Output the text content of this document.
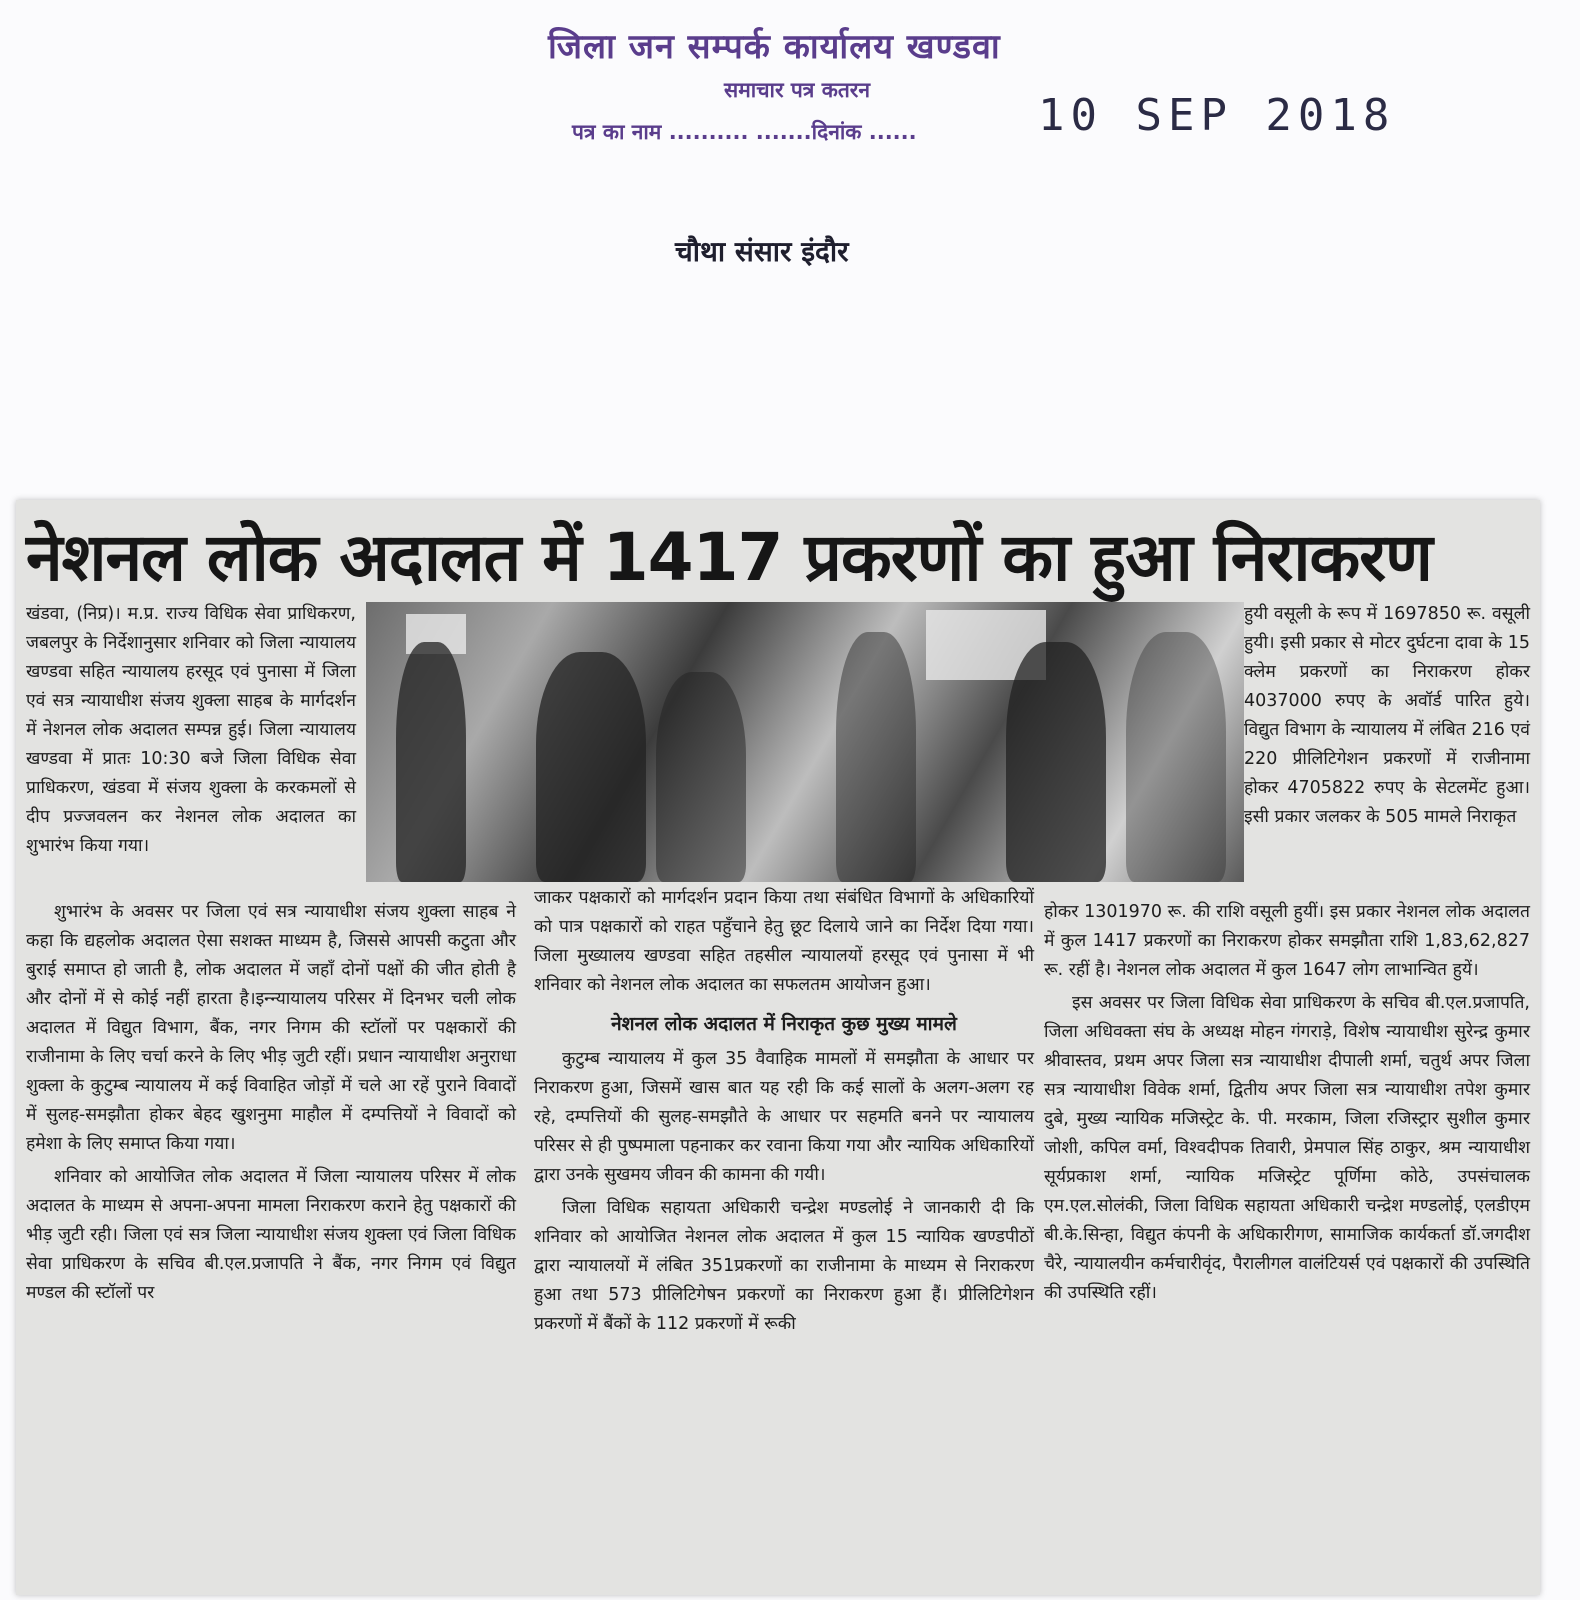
जिला जन सम्पर्क कार्यालय खण्डवा
समाचार पत्र कतरन
पत्र का नाम .......... .......दिनांक ......	10 SEP 2018
चौथा संसार इंदौर
नेशनल लोक अदालत में 1417 प्रकरणों का हुआ निराकरण

खंडवा, (निप्र)। म.प्र. राज्य विधिक सेवा प्राधिकरण, जबलपुर के निर्देशानुसार शनिवार को जिला न्यायालय खण्डवा सहित न्यायालय हरसूद एवं पुनासा में जिला एवं सत्र न्यायाधीश संजय शुक्ला साहब के मार्गदर्शन में नेशनल लोक अदालत सम्पन्न हुई। जिला न्यायालय खण्डवा में प्रातः 10:30 बजे जिला विधिक सेवा प्राधिकरण, खंडवा में संजय शुक्ला के करकमलों से दीप प्रज्जवलन कर नेशनल लोक अदालत का शुभारंभ किया गया।

शुभारंभ के अवसर पर जिला एवं सत्र न्यायाधीश संजय शुक्ला साहब ने कहा कि द्यहलोक अदालत ऐसा सशक्त माध्यम है, जिससे आपसी कटुता और बुराई समाप्त हो जाती है, लोक अदालत में जहाँ दोनों पक्षों की जीत होती है और दोनों में से कोई नहीं हारता है।इन्न्यायालय परिसर में दिनभर चली लोक अदालत में विद्युत विभाग, बैंक, नगर निगम की स्टॉलों पर पक्षकारों की राजीनामा के लिए चर्चा करने के लिए भीड़ जुटी रहीं। प्रधान न्यायाधीश अनुराधा शुक्ला के कुटुम्ब न्यायालय में कई विवाहित जोड़ों में चले आ रहें पुराने विवादों में सुलह-समझौता होकर बेहद खुशनुमा माहौल में दम्पत्तियों ने विवादों को हमेशा के लिए समाप्त किया गया।

शनिवार को आयोजित लोक अदालत में जिला न्यायालय परिसर में लोक अदालत के माध्यम से अपना-अपना मामला निराकरण कराने हेतु पक्षकारों की भीड़ जुटी रही। जिला एवं सत्र जिला न्यायाधीश संजय शुक्ला एवं जिला विधिक सेवा प्राधिकरण के सचिव बी.एल.प्रजापति ने बैंक, नगर निगम एवं विद्युत मण्डल की स्टॉलों पर

जाकर पक्षकारों को मार्गदर्शन प्रदान किया तथा संबंधित विभागों के अधिकारियों को पात्र पक्षकारों को राहत पहुँचाने हेतु छूट दिलाये जाने का निर्देश दिया गया। जिला मुख्यालय खण्डवा सहित तहसील न्यायालयों हरसूद एवं पुनासा में भी शनिवार को नेशनल लोक अदालत का सफलतम आयोजन हुआ।

नेशनल लोक अदालत में निराकृत कुछ मुख्य मामले

कुटुम्ब न्यायालय में कुल 35 वैवाहिक मामलों में समझौता के आधार पर निराकरण हुआ, जिसमें खास बात यह रही कि कई सालों के अलग-अलग रह रहे, दम्पत्तियों की सुलह-समझौते के आधार पर सहमति बनने पर न्यायालय परिसर से ही पुष्पमाला पहनाकर कर रवाना किया गया और न्यायिक अधिकारियों द्वारा उनके सुखमय जीवन की कामना की गयी।

जिला विधिक सहायता अधिकारी चन्द्रेश मण्डलोई ने जानकारी दी कि शनिवार को आयोजित नेशनल लोक अदालत में कुल 15 न्यायिक खण्डपीठों द्वारा न्यायालयों में लंबित 351प्रकरणों का राजीनामा के माध्यम से निराकरण हुआ तथा 573 प्रीलिटिगेषन प्रकरणों का निराकरण हुआ हैं। प्रीलिटिगेशन प्रकरणों में बैंकों के 112 प्रकरणों में रूकी

हुयी वसूली के रूप में 1697850 रू. वसूली हुयी। इसी प्रकार से मोटर दुर्घटना दावा के 15 क्लेम प्रकरणों का निराकरण होकर 4037000 रुपए के अवॉर्ड पारित हुये। विद्युत विभाग के न्यायालय में लंबित 216 एवं 220 प्रीलिटिगेशन प्रकरणों में राजीनामा होकर 4705822 रुपए के सेटलमेंट हुआ। इसी प्रकार जलकर के 505 मामले निराकृत

होकर 1301970 रू. की राशि वसूली हुयीं। इस प्रकार नेशनल लोक अदालत में कुल 1417 प्रकरणों का निराकरण होकर समझौता राशि 1,83,62,827 रू. रहीं है। नेशनल लोक अदालत में कुल 1647 लोग लाभान्वित हुयें।

इस अवसर पर जिला विधिक सेवा प्राधिकरण के सचिव बी.एल.प्रजापति, जिला अधिवक्ता संघ के अध्यक्ष मोहन गंगराड़े, विशेष न्यायाधीश सुरेन्द्र कुमार श्रीवास्तव, प्रथम अपर जिला सत्र न्यायाधीश दीपाली शर्मा, चतुर्थ अपर जिला सत्र न्यायाधीश विवेक शर्मा, द्वितीय अपर जिला सत्र न्यायाधीश तपेश कुमार दुबे, मुख्य न्यायिक मजिस्ट्रेट के. पी. मरकाम, जिला रजिस्ट्रार सुशील कुमार जोशी, कपिल वर्मा, विश्वदीपक तिवारी, प्रेमपाल सिंह ठाकुर, श्रम न्यायाधीश सूर्यप्रकाश शर्मा, न्यायिक मजिस्ट्रेट पूर्णिमा कोठे, उपसंचालक एम.एल.सोलंकी, जिला विधिक सहायता अधिकारी चन्द्रेश मण्डलोई, एलडीएम बी.के.सिन्हा, विद्युत कंपनी के अधिकारीगण, सामाजिक कार्यकर्ता डॉ.जगदीश चैरे, न्यायालयीन कर्मचारीवृंद, पैरालीगल वालंटियर्स एवं पक्षकारों की उपस्थिति की उपस्थिति रहीं।
